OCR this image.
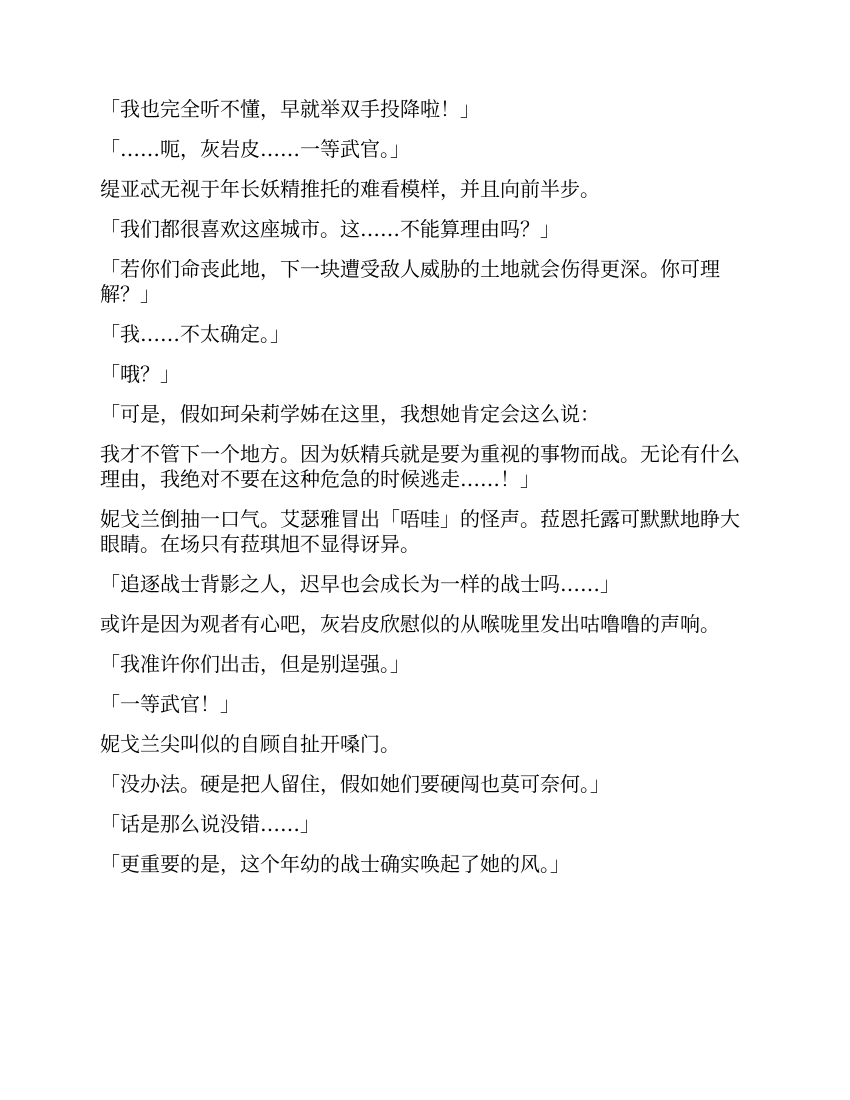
「我也完全听不懂，早就举双手投降啦！」

「……呃，灰岩皮……一等武官。」

缇亚忒无视于年长妖精推托的难看模样，并且向前半步。

「我们都很喜欢这座城市。这……不能算理由吗？」

「若你们命丧此地，下一块遭受敌人威胁的土地就会伤得更深。你可理解？」

「我……不太确定。」

「哦？」

「可是，假如珂朵莉学姊在这里，我想她肯定会这么说：

我才不管下一个地方。因为妖精兵就是要为重视的事物而战。无论有什么理由，我绝对不要在这种危急的时候逃走……！」

妮戈兰倒抽一口气。艾瑟雅冒出「唔哇」的怪声。菈恩托露可默默地睁大眼睛。在场只有菈琪旭不显得讶异。

「追逐战士背影之人，迟早也会成长为一样的战士吗……」

或许是因为观者有心吧，灰岩皮欣慰似的从喉咙里发出咕噜噜的声响。

「我准许你们出击，但是别逞强。」

「一等武官！」

妮戈兰尖叫似的自顾自扯开嗓门。

「没办法。硬是把人留住，假如她们要硬闯也莫可奈何。」

「话是那么说没错……」

「更重要的是，这个年幼的战士确实唤起了她的风。」
